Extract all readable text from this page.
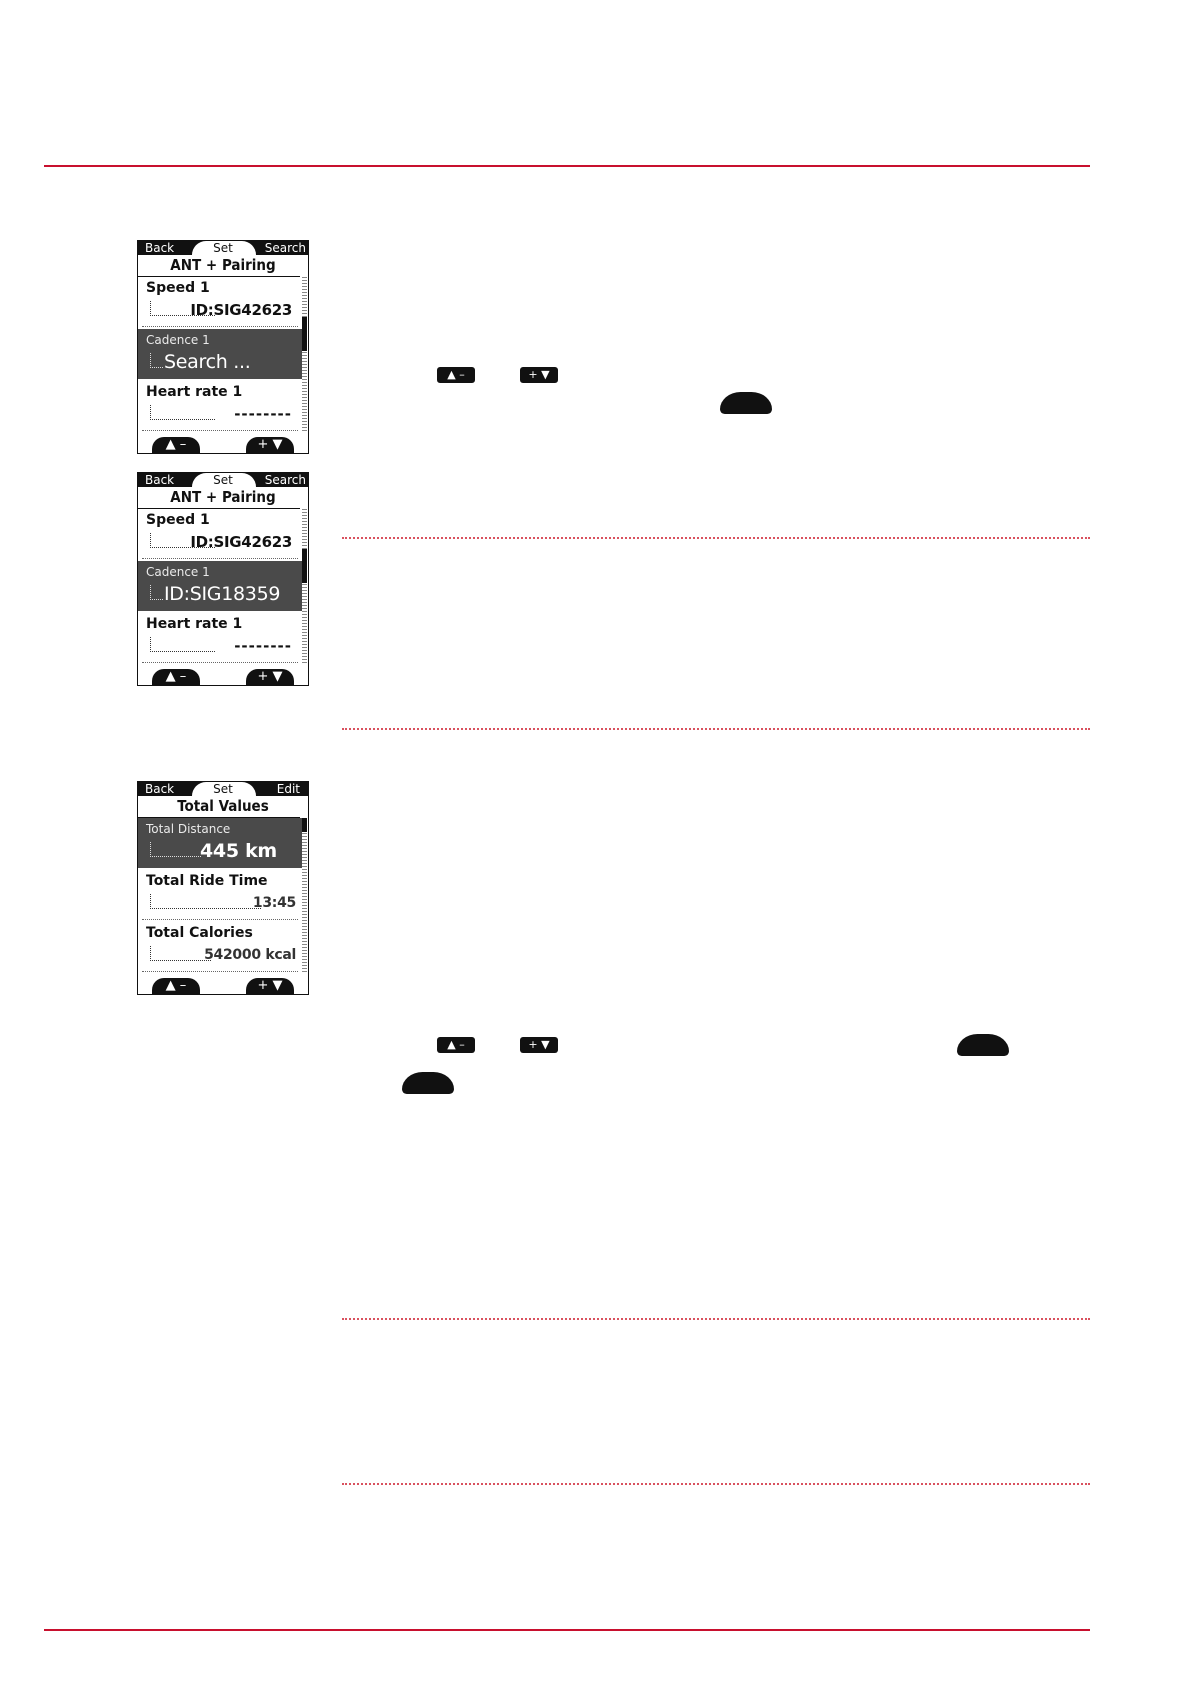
Back	Set	Search
ANT + Pairing
Speed 1
ID:SIG42623
Cadence 1
Search ...
Heart rate 1
--------
▲ –	+ ▼
▲ –	+ ▼
Back	Set	Search
ANT + Pairing
Speed 1
ID:SIG42623
Cadence 1
ID:SIG18359
Heart rate 1
--------
▲ –	+ ▼
Back	Set	Edit
Total Values
Total Distance
445 km
Total Ride Time
13:45
Total Calories
542000 kcal
▲ –	+ ▼
▲ –	+ ▼
